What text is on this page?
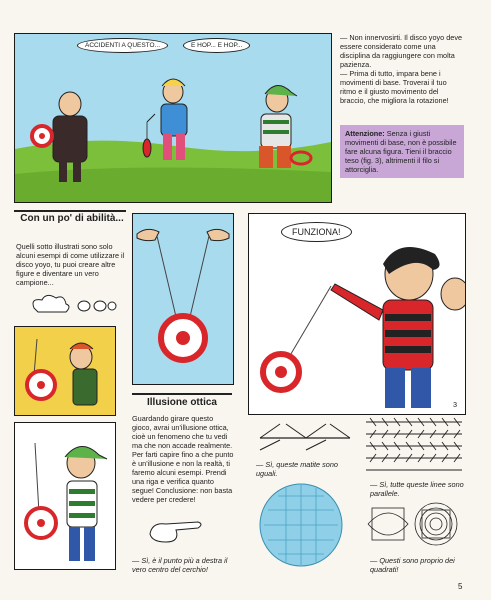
ACCIDENTI A QUESTO...	E HOP... E HOP...
— Non innervosirti. Il disco yoyo deve essere considerato come una disciplina da raggiungere con molta pazienza.
— Prima di tutto, impara bene i movimenti di base. Troverai il tuo ritmo e il giusto movimento del braccio, che migliora la rotazione!
Attenzione: Senza i giusti movimenti di base, non è possibile fare alcuna figura. Tieni il braccio teso (fig. 3), altrimenti il filo si attorciglia.
Con un po' di abilità...
Quelli sotto illustrati sono solo alcuni esempi di come utilizzare il disco yoyo, tu puoi creare altre figure e diventare un vero campione...
Illusione ottica
Guardando girare questo gioco, avrai un'illusione ottica, cioè un fenomeno che tu vedi ma che non accade realmente. Per farti capire fino a che punto è un'illusione e non la realtà, ti faremo alcuni esempi. Prendi una riga e verifica quanto segue! Conclusione: non basta vedere per credere!
— Sì, è il punto più a destra il vero centro del cerchio!
FUNZIONA!
3
— Sì, queste matite sono uguali.
— Sì, tutte queste linee sono parallele.
— Questi sono proprio dei quadrati!
5
